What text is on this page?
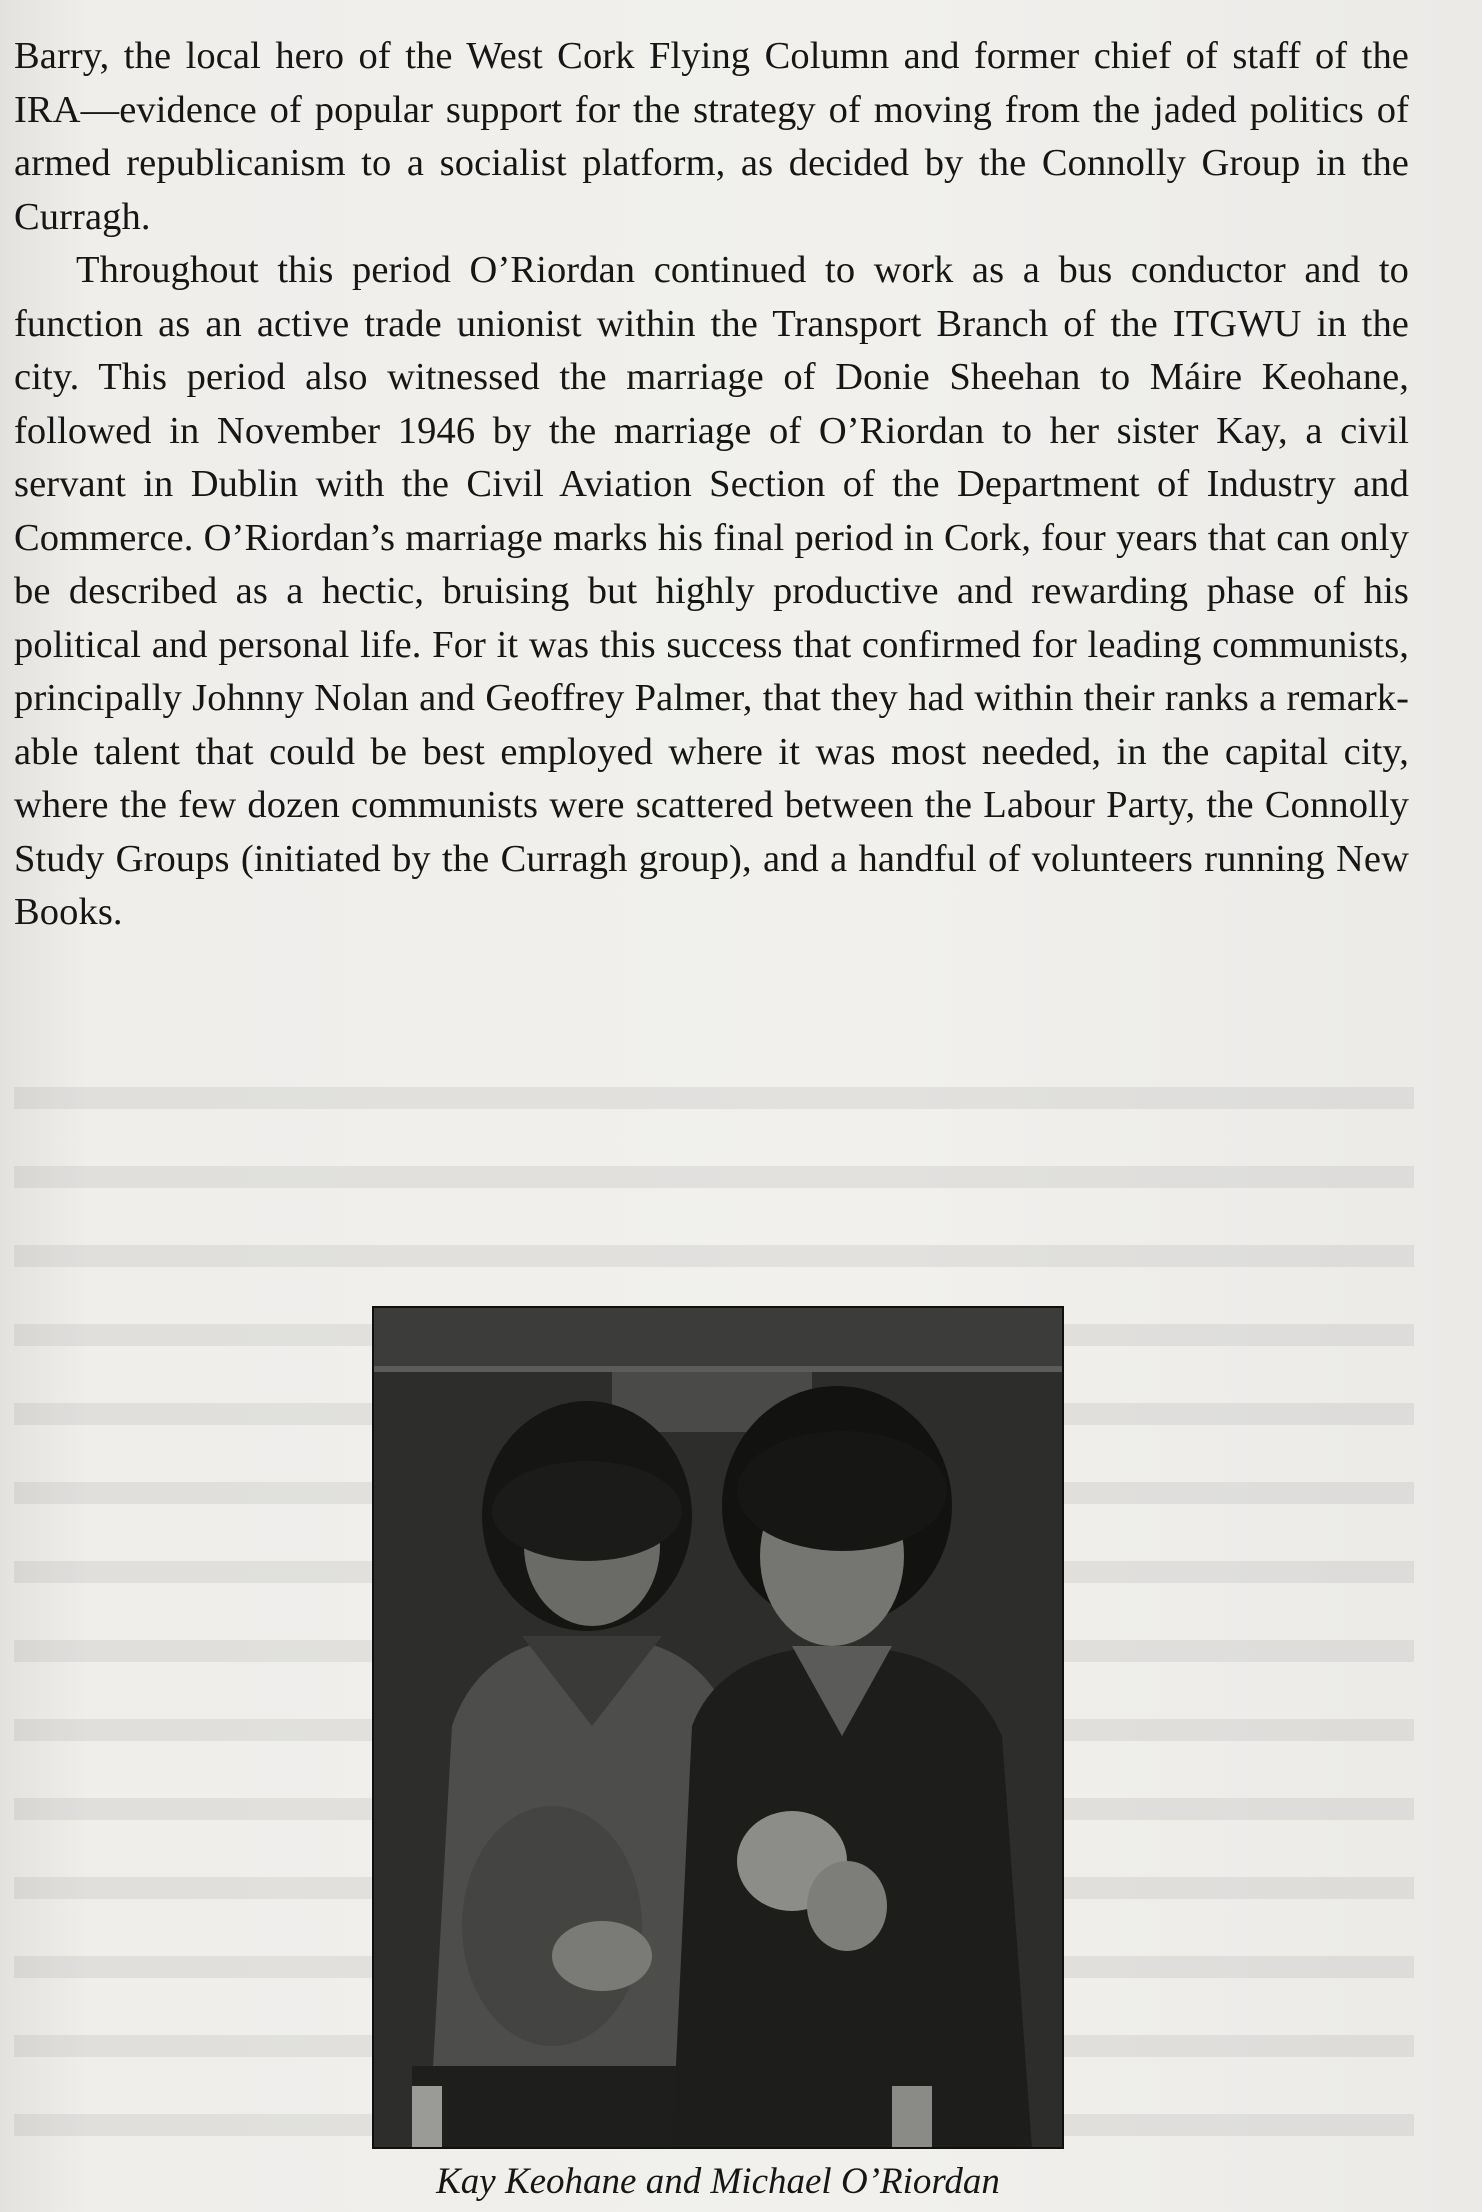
Barry, the local hero of the West Cork Flying Column and former chief of staff of the IRA—evidence of popular support for the strategy of moving from the jaded politics of armed republicanism to a socialist platform, as decided by the Connolly Group in the Curragh.

Throughout this period O’Riordan continued to work as a bus conductor and to function as an active trade unionist within the Transport Branch of the ITGWU in the city. This period also witnessed the marriage of Donie Sheehan to Máire Keohane, followed in November 1946 by the marriage of O’Riordan to her sister Kay, a civil servant in Dublin with the Civil Aviation Section of the Department of Industry and Commerce. O’Riordan’s marriage marks his final period in Cork, four years that can only be described as a hectic, bruising but highly productive and rewarding phase of his political and personal life. For it was this success that confirmed for leading communists, principally Johnny Nolan and Geoffrey Palmer, that they had within their ranks a remarkable talent that could be best employed where it was most needed, in the capital city, where the few dozen communists were scattered between the Labour Party, the Connolly Study Groups (initiated by the Curragh group), and a handful of volunteers running New Books.

Kay Keohane and Michael O’Riordan
